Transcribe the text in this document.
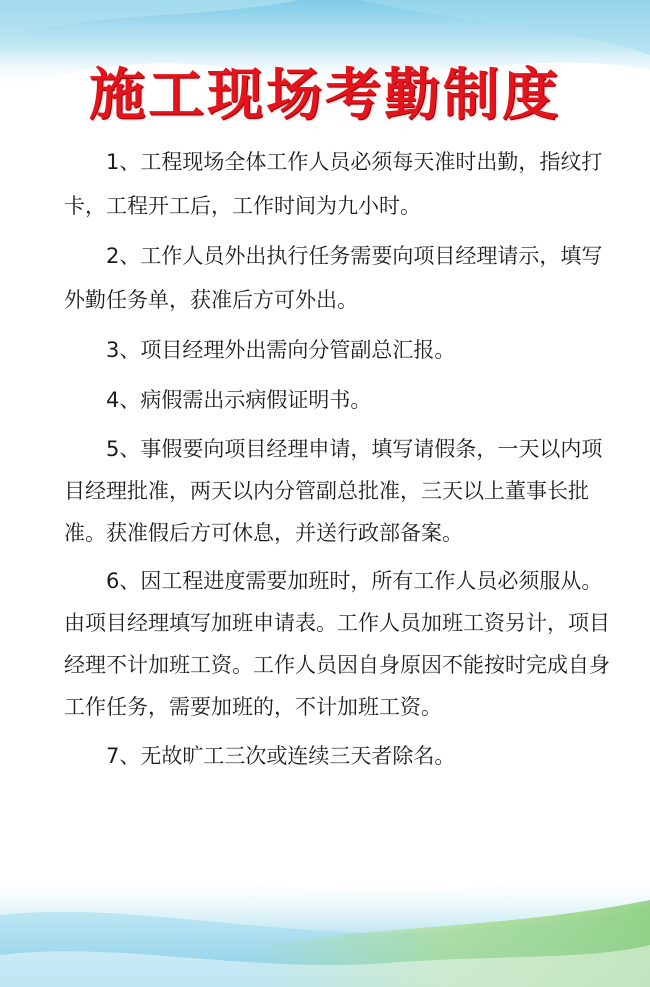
施工现场考勤制度

1、工程现场全体工作人员必须每天准时出勤，指纹打卡，工程开工后，工作时间为九小时。

2、工作人员外出执行任务需要向项目经理请示，填写外勤任务单，获准后方可外出。

3、项目经理外出需向分管副总汇报。

4、病假需出示病假证明书。

5、事假要向项目经理申请，填写请假条，一天以内项目经理批准，两天以内分管副总批准，三天以上董事长批准。获准假后方可休息，并送行政部备案。

6、因工程进度需要加班时，所有工作人员必须服从。由项目经理填写加班申请表。工作人员加班工资另计，项目经理不计加班工资。工作人员因自身原因不能按时完成自身工作任务，需要加班的，不计加班工资。

7、无故旷工三次或连续三天者除名。
